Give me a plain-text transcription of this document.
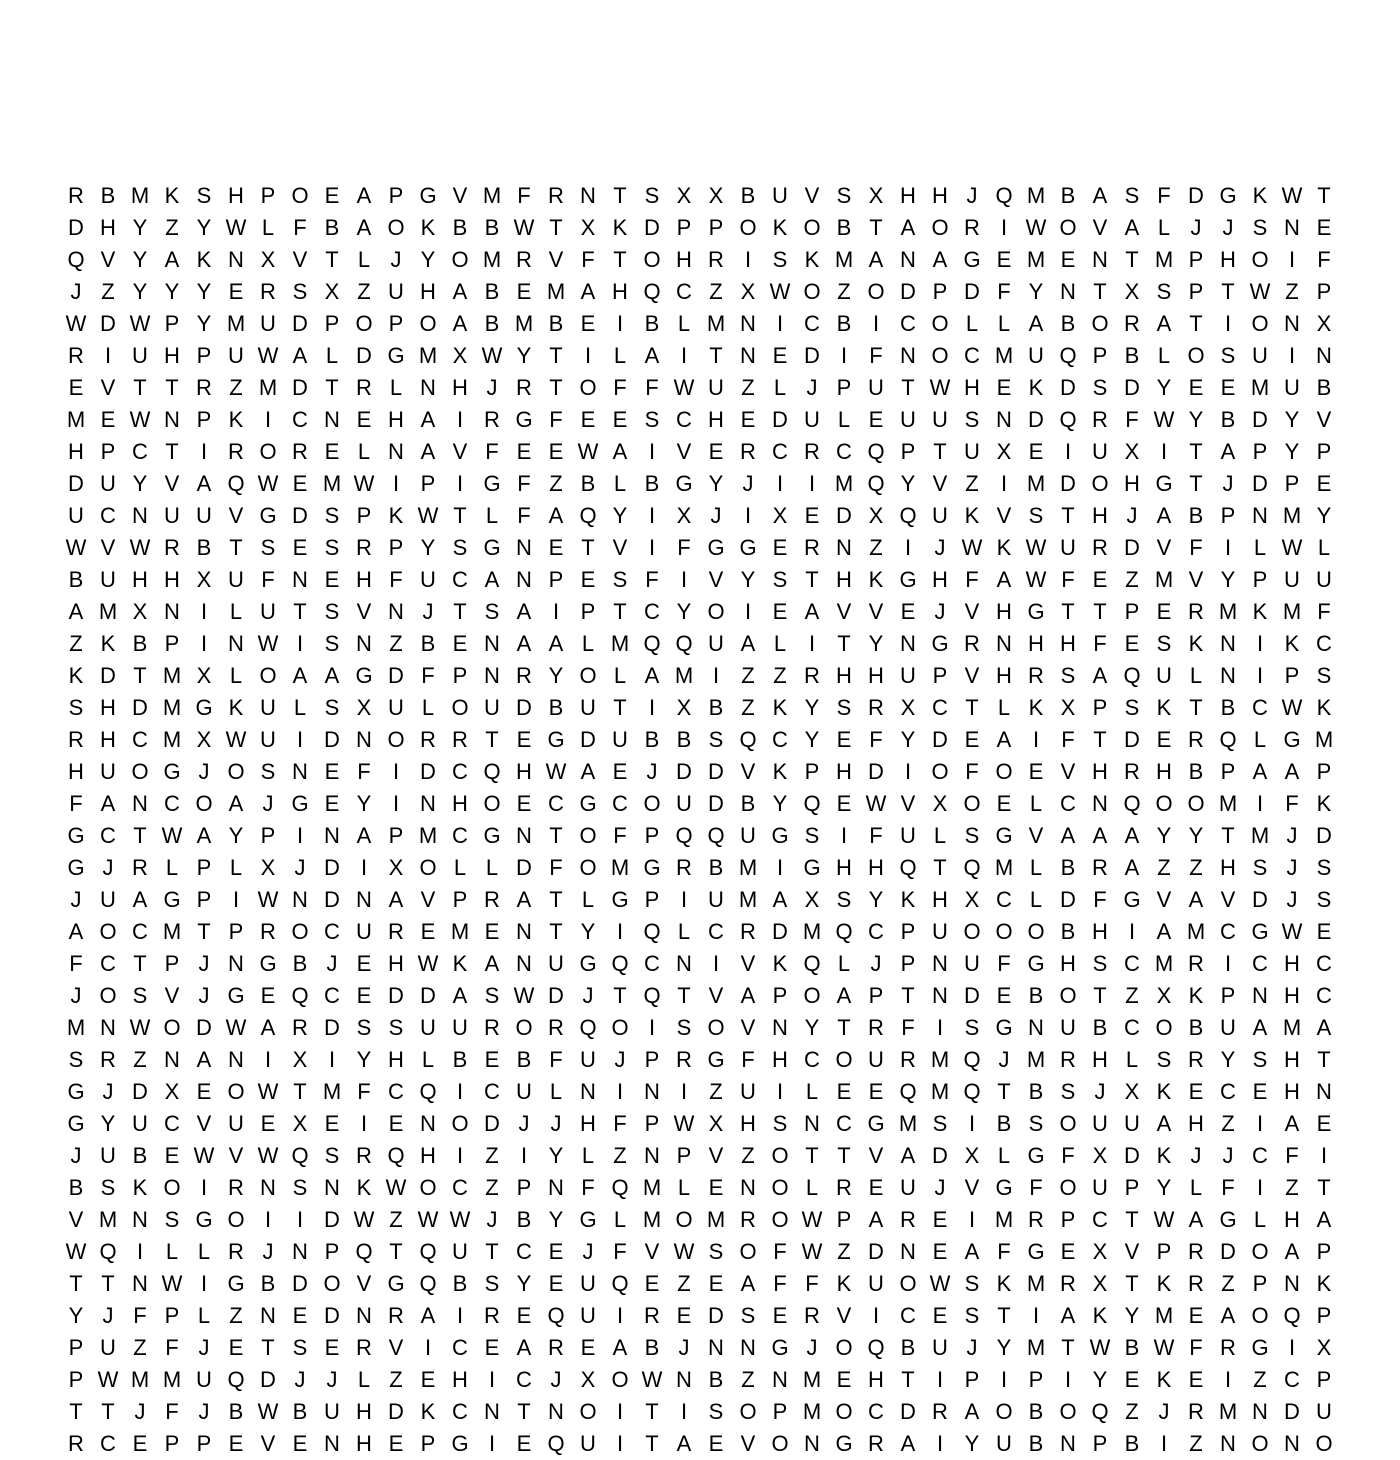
R B M K S H P O E A P G V M F R N T S X X B U V S X H H J Q M B A S F D G K W T
D H Y Z Y W L F B A O K B B W T X K D P P O K O B T A O R I W O V A L J J S N E
Q V Y A K N X V T L J Y O M R V F T O H R I S K M A N A G E M E N T M P H O I	F
J Z Y Y Y E R S X Z U H A B E M A H Q C Z X W O Z O D P D F Y N T X S P T W Z P
W D W P Y M U D P O P O A B M B E I B L M N I C B I C O L L A B O R A T	I O N X
R I U H P U W A L D G M X W Y T	I	L A I	T N E D I	F N O C M U Q P B L O S U I N
E V T T R Z M D T R L N H J R T O F F W U Z L J P U T W H E K D S D Y E E M U B
M E W N P K I C N E H A I R G F E E S C H E D U L E U U S N D Q R F W Y B D Y V
H P C T	I R O R E L N A V F E E W A I V E R C R C Q P T U X E I U X I	T A P Y P
D U Y V A Q W E M W I P I G F Z B L B G Y J	I	I M Q Y V Z	I M D O H G T J D P E
U C N U U V G D S P K W T L F A Q Y I X J	I X E D X Q U K V S T H J A B P N M Y
W V W R B T S E S R P Y S G N E T V I	F G G E R N Z	I	J W K W U R D V F	I	L W L
B U H H X U F N E H F U C A N P E S F	I V Y S T H K G H F A W F E Z M V Y P U U
A M X N I	L U T S V N J T S A I P T C Y O I E A V V E J V H G T T P E R M K M F
Z K B P I N W I S N Z B E N A A L M Q Q U A L	I	T Y N G R N H H F E S K N I K C
K D T M X L O A A G D F P N R Y O L A M I	Z Z R H H U P V H R S A Q U L N I P S
S H D M G K U L S X U L O U D B U T	I X B Z K Y S R X C T L K X P S K T B C W K
R H C M X W U I D N O R R T E G D U B B S Q C Y E F Y D E A I	F T D E R Q L G M
H U O G J O S N E F	I D C Q H W A E J D D V K P H D I O F O E V H R H B P A A P
F A N C O A J G E Y I N H O E C G C O U D B Y Q E W V X O E L C N Q O O M I	F K
G C T W A Y P I N A P M C G N T O F P Q Q U G S I	F U L S G V A A A Y Y T M J D
G J R L P L X J D I X O L L D F O M G R B M I G H H Q T Q M L B R A Z Z H S J S
J U A G P I W N D N A V P R A T L G P I U M A X S Y K H X C L D F G V A V D J S
A O C M T P R O C U R E M E N T Y I Q L C R D M Q C P U O O O B H I A M C G W E
F C T P J N G B J E H W K A N U G Q C N I V K Q L J P N U F G H S C M R I C H C
J O S V J G E Q C E D D A S W D J T Q T V A P O A P T N D E B O T Z X K P N H C
M N W O D W A R D S S U U R O R Q O I S O V N Y T R F	I S G N U B C O B U A M A
S R Z N A N I X I Y H L B E B F U J P R G F H C O U R M Q J M R H L S R Y S H T
G J D X E O W T M F C Q I C U L N I N I	Z U I	L E E Q M Q T B S J X K E C E H N
G Y U C V U E X E I E N O D J J H F P W X H S N C G M S I B S O U U A H Z	I A E
J U B E W V W Q S R Q H I	Z	I Y L Z N P V Z O T T V A D X L G F X D K J J C F	I
B S K O I R N S N K W O C Z P N F Q M L E N O L R E U J V G F O U P Y L F	I	Z T
V M N S G O I	I D W Z W W J B Y G L M O M R O W P A R E I M R P C T W A G L H A
W Q I	L L R J N P Q T Q U T C E J F V W S O F W Z D N E A F G E X V P R D O A P
T T N W I G B D O V G Q B S Y E U Q E Z E A F F K U O W S K M R X T K R Z P N K
Y J F P L Z N E D N R A I R E Q U I R E D S E R V I C E S T	I A K Y M E A O Q P
P U Z F J E T S E R V I C E A R E A B J N N G J O Q B U J Y M T W B W F R G I X
P W M M U Q D J J L Z E H I C J X O W N B Z N M E H T	I P I P I Y E K E I	Z C P
T T J F J B W B U H D K C N T N O I	T	I S O P M O C D R A O B O Q Z J R M N D U
R C E P P E V E N H E P G I E Q U I	T A E V O N G R A I Y U B N P B I	Z N O N O
